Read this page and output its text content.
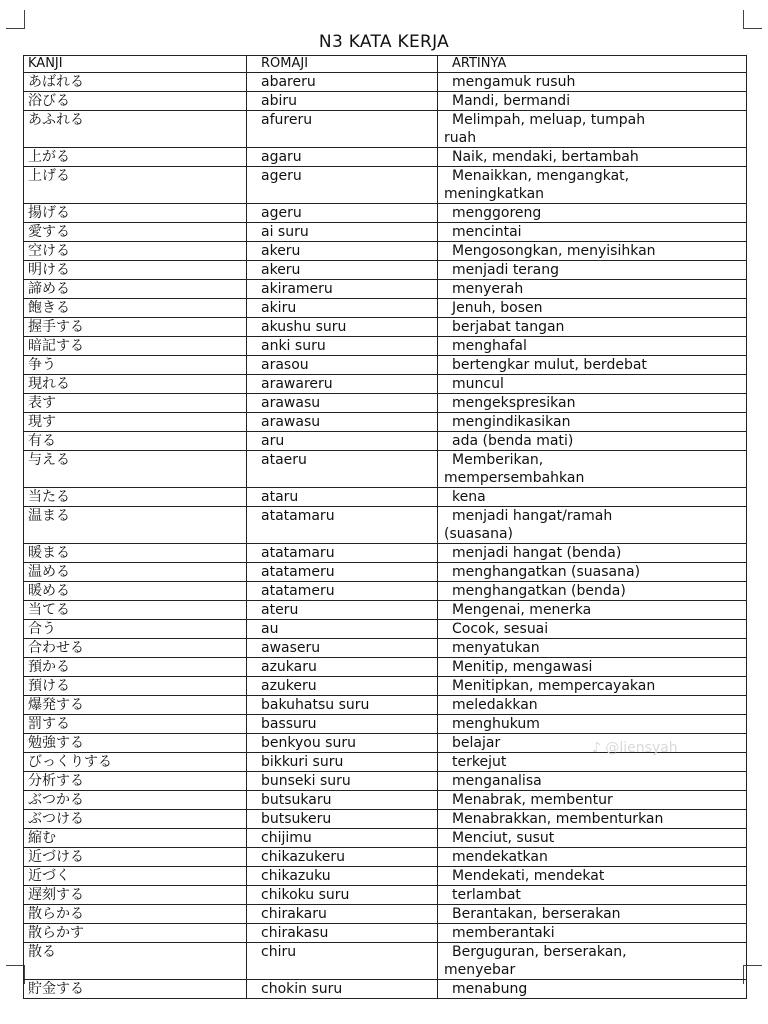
N3 KATA KERJA
KANJI	ROMAJI	ARTINYA
あばれる	abareru	mengamuk rusuh
浴びる	abiru	Mandi, bermandi
あふれる	afureru	Melimpah, meluap, tumpah
ruah

上がる	agaru	Naik, mendaki, bertambah
上げる	ageru	Menaikkan, mengangkat,
meningkatkan

揚げる	ageru	menggoreng
愛する	ai suru	mencintai
空ける	akeru	Mengosongkan, menyisihkan
明ける	akeru	menjadi terang
諦める	akirameru	menyerah
飽きる	akiru	Jenuh, bosen
握手する	akushu suru	berjabat tangan
暗記する	anki suru	menghafal
争う	arasou	bertengkar mulut, berdebat
現れる	arawareru	muncul
表す	arawasu	mengekspresikan
現す	arawasu	mengindikasikan
有る	aru	ada (benda mati)
与える	ataeru	Memberikan,
mempersembahkan

当たる	ataru	kena
温まる	atatamaru	menjadi hangat/ramah
(suasana)

暖まる	atatamaru	menjadi hangat (benda)
温める	atatameru	menghangatkan (suasana)
暖める	atatameru	menghangatkan (benda)
当てる	ateru	Mengenai, menerka
合う	au	Cocok, sesuai
合わせる	awaseru	menyatukan
預かる	azukaru	Menitip, mengawasi
預ける	azukeru	Menitipkan, mempercayakan
爆発する	bakuhatsu suru	meledakkan
罰する	bassuru	menghukum
勉強する	benkyou suru	belajar
びっくりする	bikkuri suru	terkejut
分析する	bunseki suru	menganalisa
ぶつかる	butsukaru	Menabrak, membentur
ぶつける	butsukeru	Menabrakkan, membenturkan
縮む	chijimu	Menciut, susut
近づける	chikazukeru	mendekatkan
近づく	chikazuku	Mendekati, mendekat
遅刻する	chikoku suru	terlambat
散らかる	chirakaru	Berantakan, berserakan
散らかす	chirakasu	memberantaki
散る	chiru	Berguguran, berserakan,
menyebar

貯金する	chokin suru	menabung
♪ @liensyah
